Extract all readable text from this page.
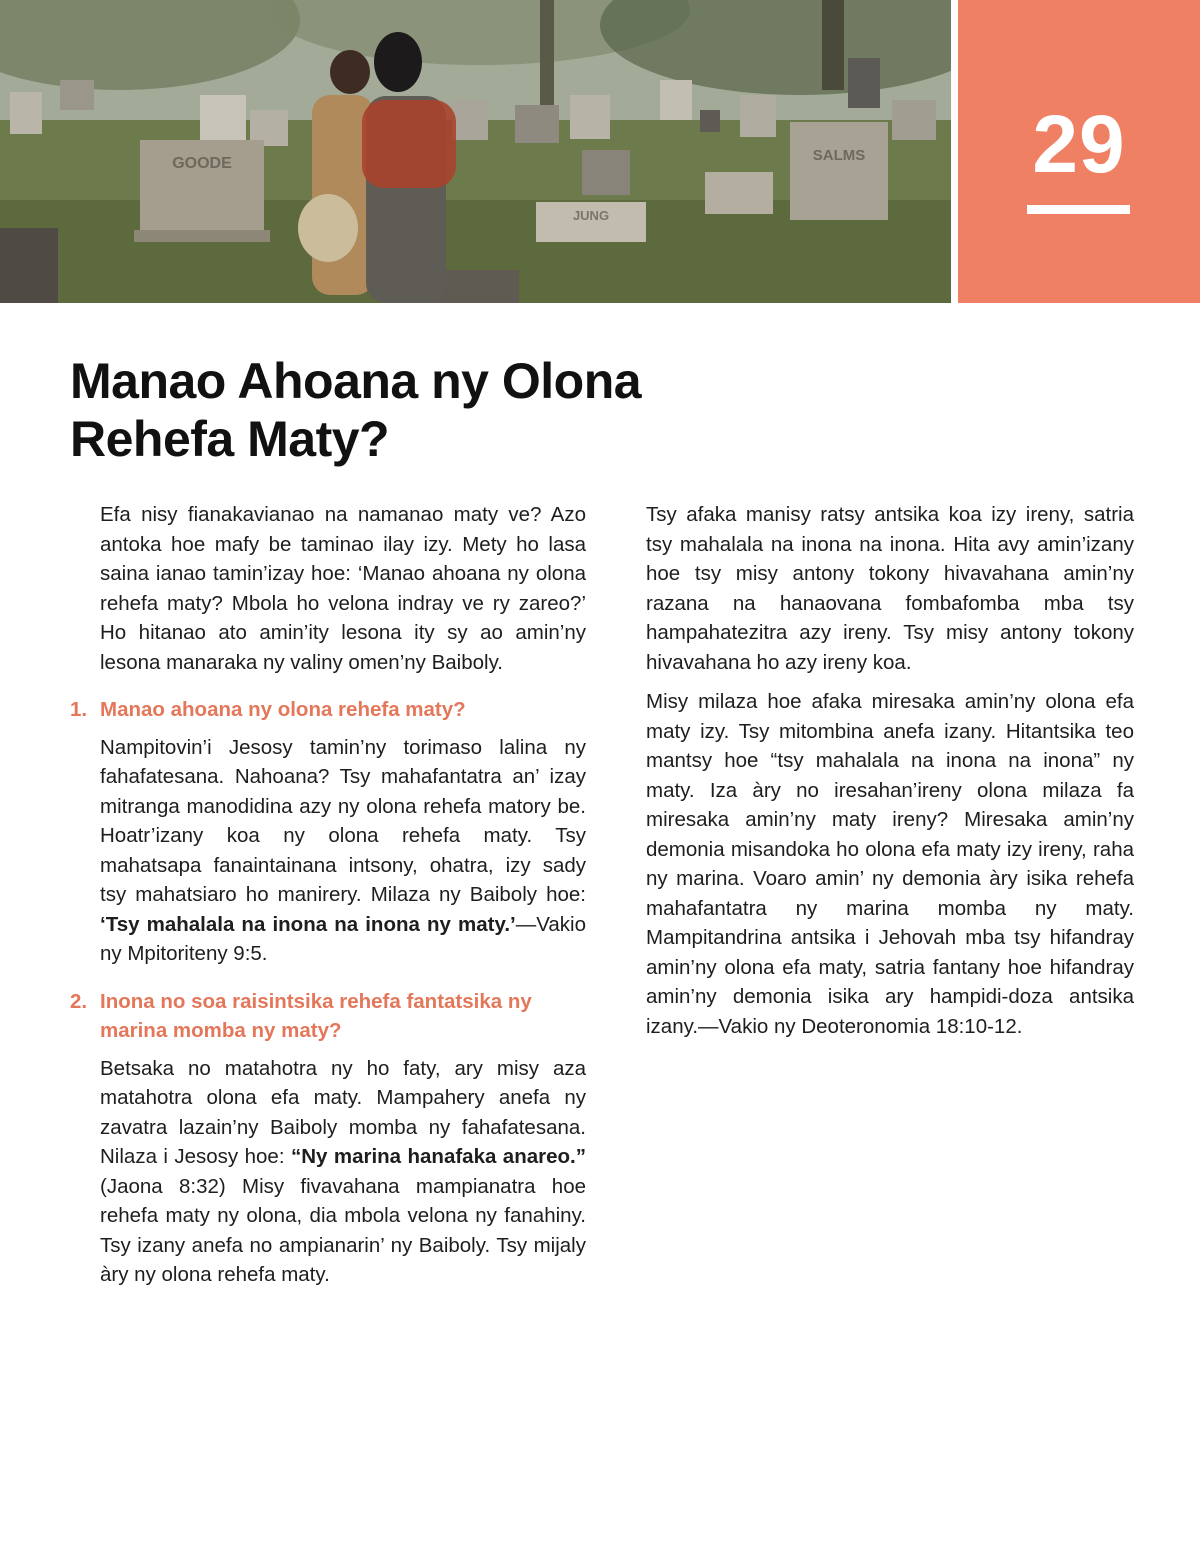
GOODE
JUNG
SALMS	29
Manao Ahoana ny Olona
Rehefa Maty?

Efa nisy fianakavianao na namanao maty ve? Azo antoka hoe mafy be taminao ilay izy. Mety ho lasa saina ianao tamin’izay hoe: ‘Manao ahoana ny olona rehefa maty? Mbola ho velona indray ve ry zareo?’ Ho hitanao ato amin’ity lesona ity sy ao amin’ny lesona manaraka ny valiny omen’ny Baiboly.

1. Manao ahoana ny olona rehefa maty?

Nampitovin’i Jesosy tamin’ny torimaso lalina ny fahafatesana. Nahoana? Tsy mahafantatra an’ izay mitranga manodidina azy ny olona rehefa matory be. Hoatr’izany koa ny olona rehefa maty. Tsy mahatsapa fanaintainana intsony, ohatra, izy sady tsy mahatsiaro ho manirery. Milaza ny Baiboly hoe: ‘Tsy mahalala na inona na inona ny maty.’—Vakio ny Mpitoriteny 9:5.

2. Inona no soa raisintsika rehefa fantatsika ny marina momba ny maty?

Betsaka no matahotra ny ho faty, ary misy aza matahotra olona efa maty. Mampahery anefa ny zavatra lazain’ny Baiboly momba ny fahafatesana. Nilaza i Jesosy hoe: “Ny marina hanafaka anareo.” (Jaona 8:32) Misy fivavahana mampianatra hoe rehefa maty ny olona, dia mbola velona ny fanahiny. Tsy izany anefa no ampianarin’ ny Baiboly. Tsy mijaly àry ny olona rehefa maty.

Tsy afaka manisy ratsy antsika koa izy ireny, satria tsy mahalala na inona na inona. Hita avy amin’izany hoe tsy misy antony tokony hivavahana amin’ny razana na hanaovana fombafomba mba tsy hampahatezitra azy ireny. Tsy misy antony tokony hivavahana ho azy ireny koa.

Misy milaza hoe afaka miresaka amin’ny olona efa maty izy. Tsy mitombina anefa izany. Hitantsika teo mantsy hoe “tsy mahalala na inona na inona” ny maty. Iza àry no iresahan’ireny olona milaza fa miresaka amin’ny maty ireny? Miresaka amin’ny demonia misandoka ho olona efa maty izy ireny, raha ny marina. Voaro amin’ ny demonia àry isika rehefa mahafantatra ny marina momba ny maty. Mampitandrina antsika i Jehovah mba tsy hifandray amin’ny olona efa maty, satria fantany hoe hifandray amin’ny demonia isika ary hampidi-doza antsika izany.—Vakio ny Deoteronomia 18:10-12.
